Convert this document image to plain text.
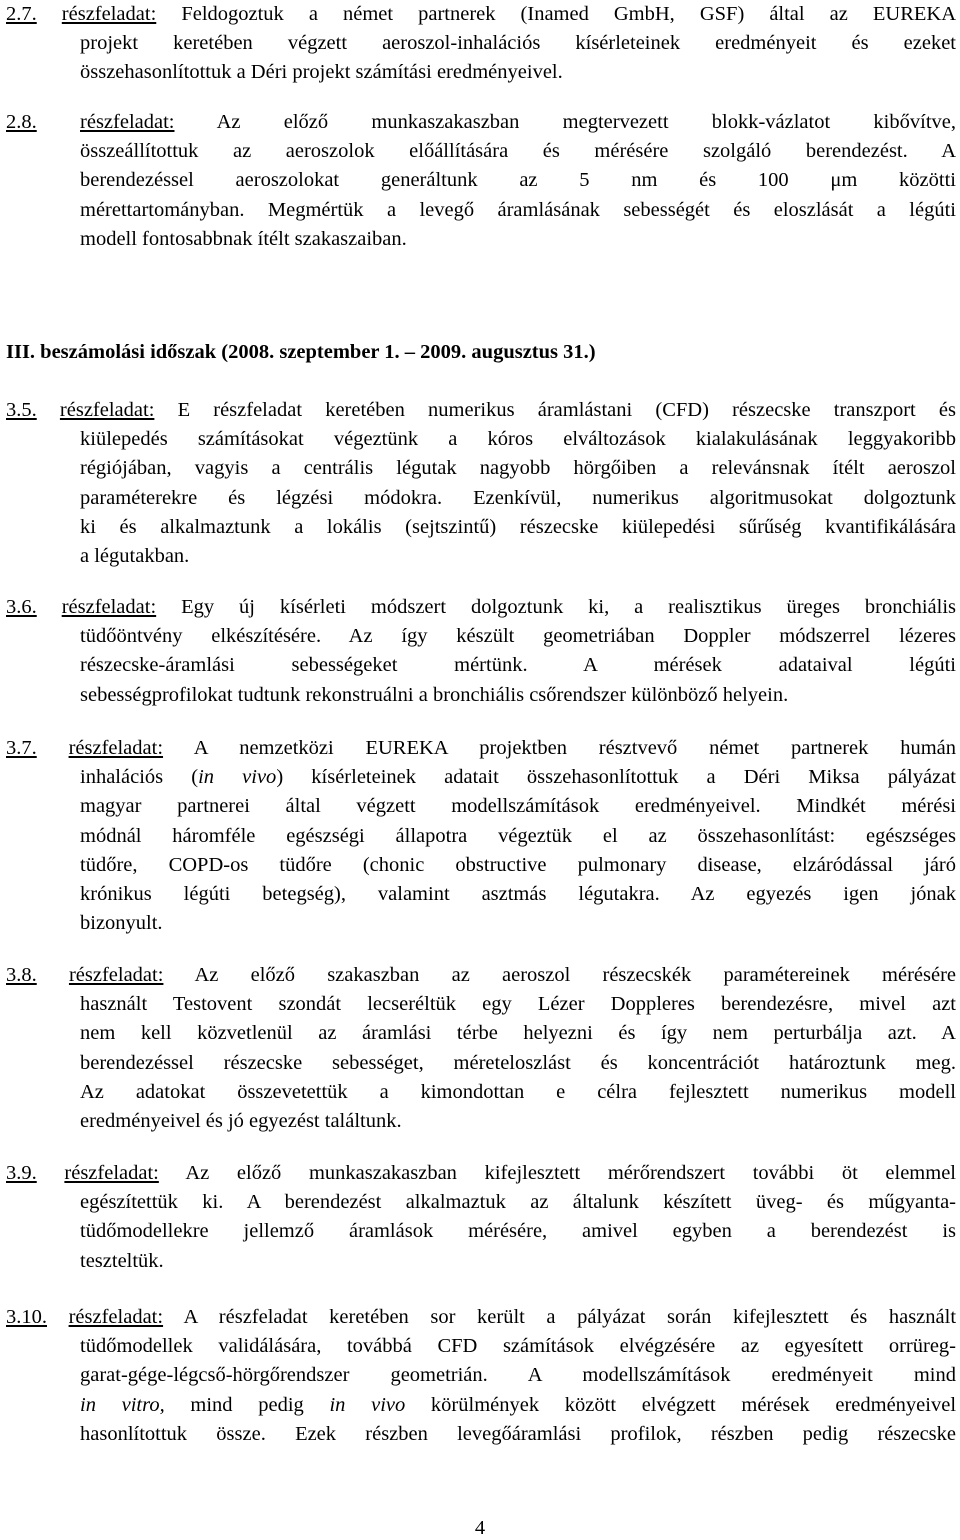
2.7. részfeladat: Feldogoztuk a német partnerek (Inamed GmbH, GSF) által az EUREKA
projekt keretében végzett aeroszol-inhalációs kísérleteinek eredményeit és ezeket
összehasonlítottuk a Déri projekt számítási eredményeivel.
2.8. részfeladat: Az előző munkaszakaszban megtervezett blokk-vázlatot kibővítve,
összeállítottuk az aeroszolok előállítására és mérésére szolgáló berendezést. A
berendezéssel aeroszolokat generáltunk az 5 nm és 100 μm közötti
mérettartományban. Megmértük a levegő áramlásának sebességét és eloszlását a légúti
modell fontosabbnak ítélt szakaszaiban.
III. beszámolási időszak (2008. szeptember 1. – 2009. augusztus 31.)
3.5. részfeladat: E részfeladat keretében numerikus áramlástani (CFD) részecske transzport és
kiülepedés számításokat végeztünk a kóros elváltozások kialakulásának leggyakoribb
régiójában, vagyis a centrális légutak nagyobb hörgőiben a relevánsnak ítélt aeroszol
paraméterekre és légzési módokra. Ezenkívül, numerikus algoritmusokat dolgoztunk
ki és alkalmaztunk a lokális (sejtszintű) részecske kiülepedési sűrűség kvantifikálására
a légutakban.
3.6. részfeladat: Egy új kísérleti módszert dolgoztunk ki, a realisztikus üreges bronchiális
tüdőöntvény elkészítésére. Az így készült geometriában Doppler módszerrel lézeres
részecske-áramlási sebességeket mértünk. A mérések adataival légúti
sebességprofilokat tudtunk rekonstruálni a bronchiális csőrendszer különböző helyein.
3.7. részfeladat: A nemzetközi EUREKA projektben résztvevő német partnerek humán
inhalációs (in vivo) kísérleteinek adatait összehasonlítottuk a Déri Miksa pályázat
magyar partnerei által végzett modellszámítások eredményeivel. Mindkét mérési
módnál háromféle egészségi állapotra végeztük el az összehasonlítást: egészséges
tüdőre, COPD-os tüdőre (chonic obstructive pulmonary disease, elzáródással járó
krónikus légúti betegség), valamint asztmás légutakra. Az egyezés igen jónak
bizonyult.
3.8. részfeladat: Az előző szakaszban az aeroszol részecskék paramétereinek mérésére
használt Testovent szondát lecseréltük egy Lézer Doppleres berendezésre, mivel azt
nem kell közvetlenül az áramlási térbe helyezni és így nem perturbálja azt. A
berendezéssel részecske sebességet, méreteloszlást és koncentrációt határoztunk meg.
Az adatokat összevetettük a kimondottan e célra fejlesztett numerikus modell
eredményeivel és jó egyezést találtunk.
3.9. részfeladat: Az előző munkaszakaszban kifejlesztett mérőrendszert további öt elemmel
egészítettük ki. A berendezést alkalmaztuk az általunk készített üveg- és műgyanta-
tüdőmodellekre jellemző áramlások mérésére, amivel egyben a berendezést is
teszteltük.
3.10. részfeladat: A részfeladat keretében sor került a pályázat során kifejlesztett és használt
tüdőmodellek validálására, továbbá CFD számítások elvégzésére az egyesített orrüreg-
garat-gége-légcső-hörgőrendszer geometrián. A modellszámítások eredményeit mind
in vitro, mind pedig in vivo körülmények között elvégzett mérések eredményeivel
hasonlítottuk össze. Ezek részben levegőáramlási profilok, részben pedig részecske
4
